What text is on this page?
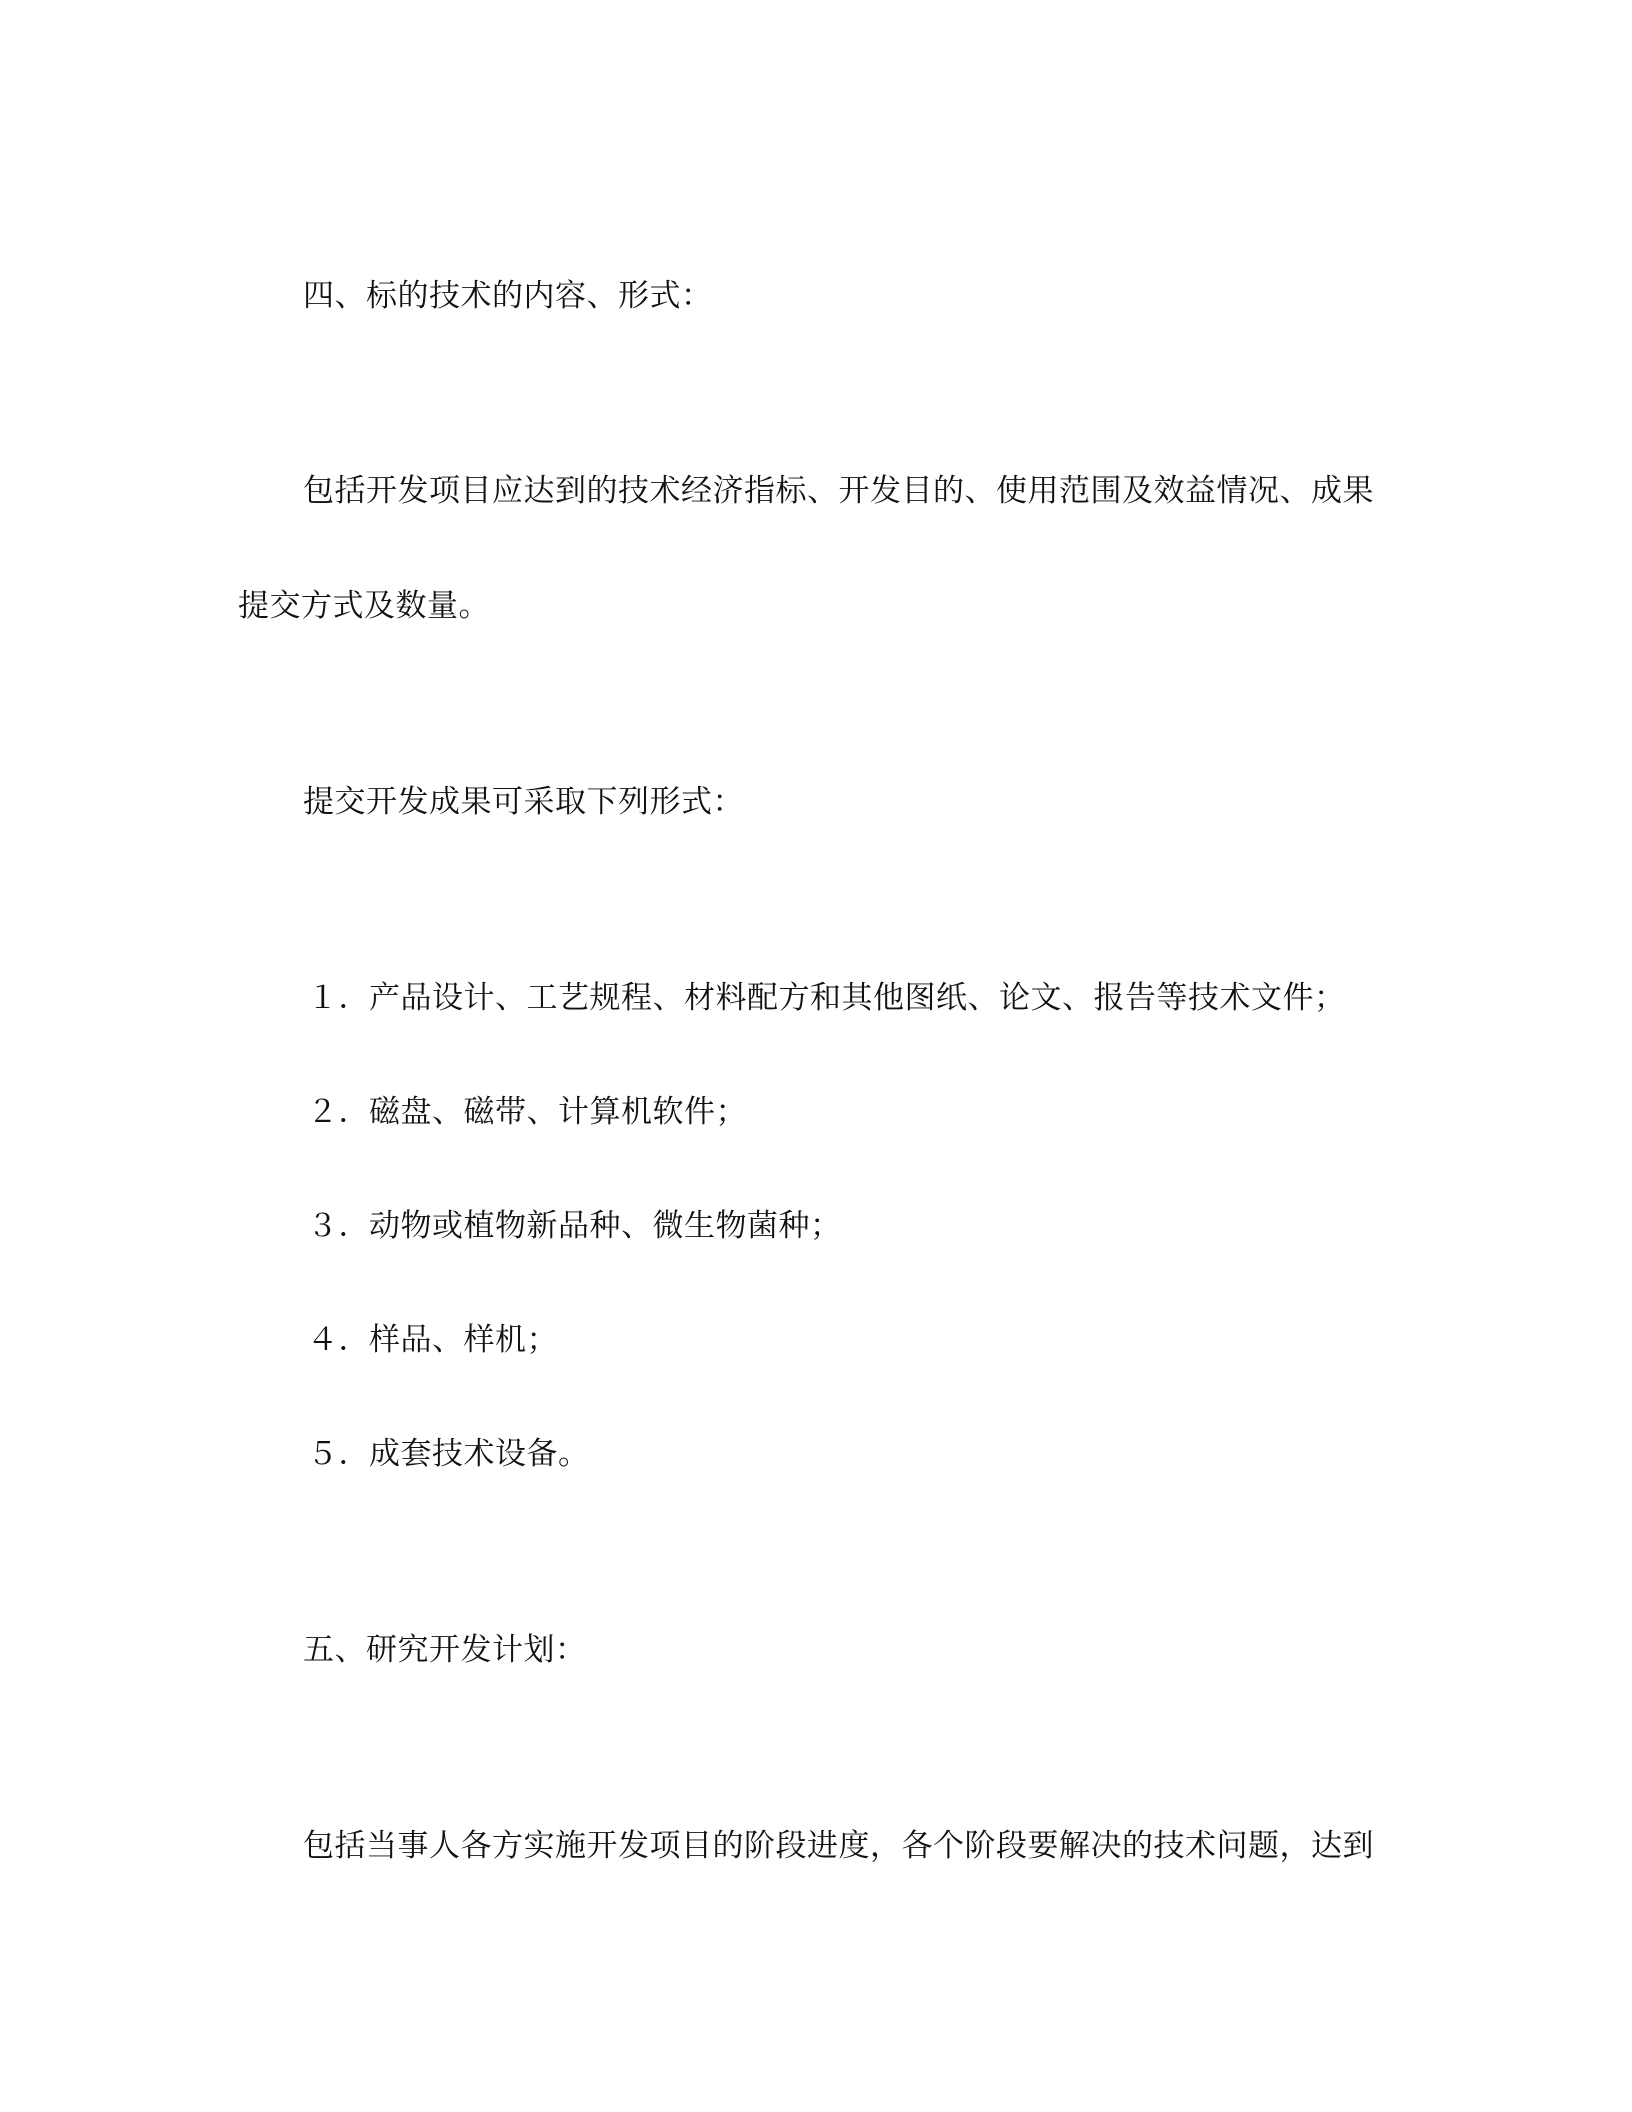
四、标的技术的内容、形式：

包括开发项目应达到的技术经济指标、开发目的、使用范围及效益情况、成果

提交方式及数量。

提交开发成果可采取下列形式：

１．产品设计、工艺规程、材料配方和其他图纸、论文、报告等技术文件；
２．磁盘、磁带、计算机软件；
３．动物或植物新品种、微生物菌种；
４．样品、样机；
５．成套技术设备。

五、研究开发计划：

包括当事人各方实施开发项目的阶段进度，各个阶段要解决的技术问题，达到
